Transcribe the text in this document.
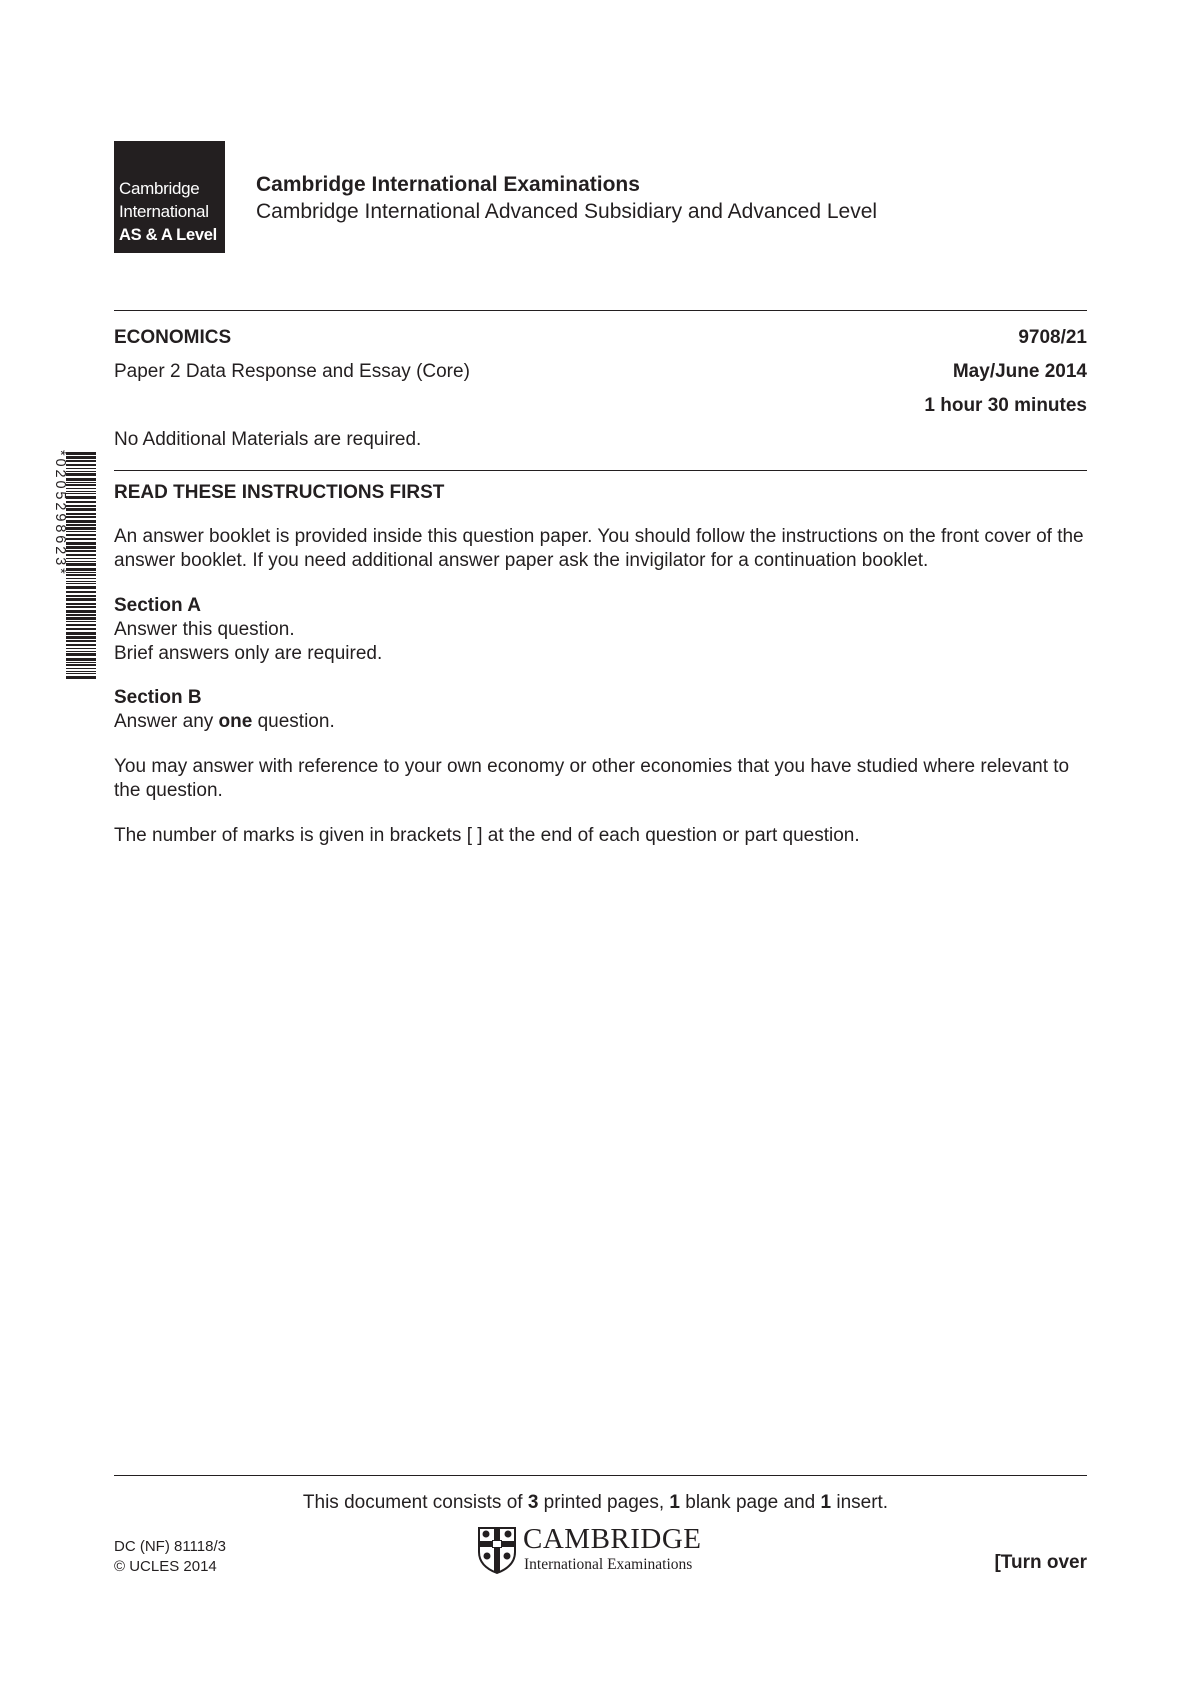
Cambridge
International
AS & A Level
Cambridge International Examinations
Cambridge International Advanced Subsidiary and Advanced Level
ECONOMICS	9708/21
Paper 2 Data Response and Essay (Core)	May/June 2014
1 hour 30 minutes
No Additional Materials are required.
*0205298623* READ THESE INSTRUCTIONS FIRST

An answer booklet is provided inside this question paper. You should follow the instructions on the front cover of the answer booklet. If you need additional answer paper ask the invigilator for a continuation booklet.

Section A

Answer this question.

Brief answers only are required.

Section B

Answer any one question.

You may answer with reference to your own economy or other economies that you have studied where relevant to the question.

The number of marks is given in brackets [ ] at the end of each question or part question.

This document consists of 3 printed pages, 1 blank page and 1 insert.
DC (NF) 81118/3
© UCLES 2014
CAMBRIDGE
International Examinations	[Turn over
